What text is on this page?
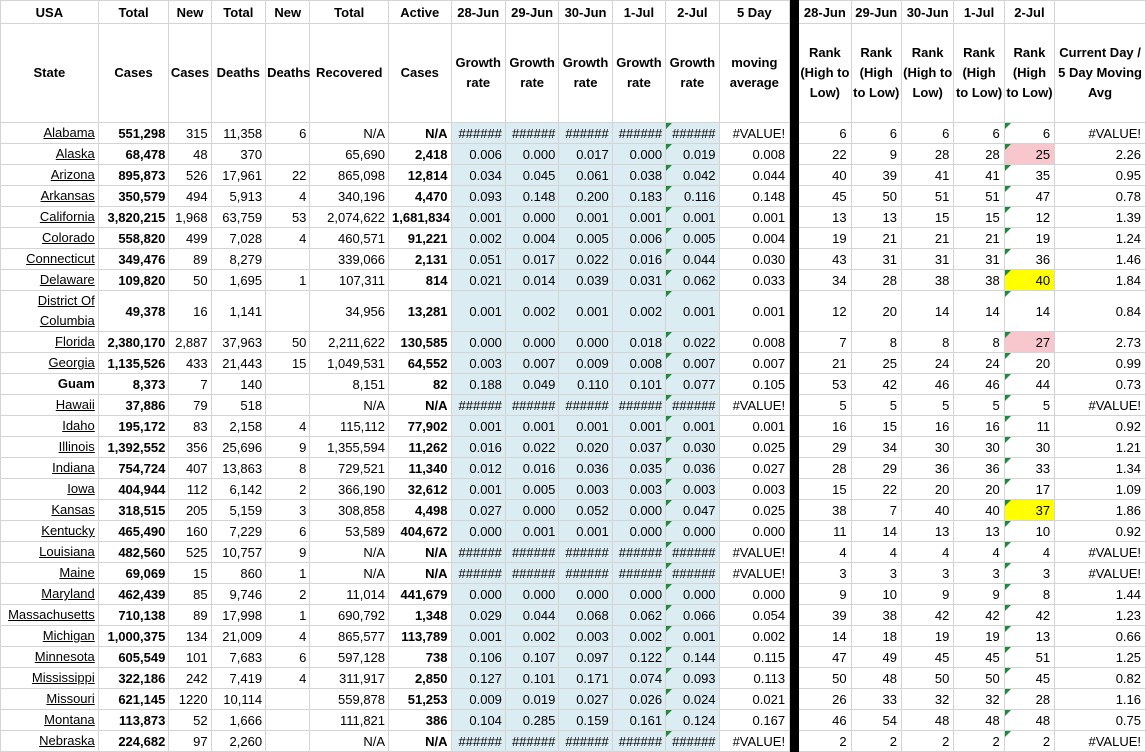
USA	Total	New	Total	New	Total	Active	28-Jun	29-Jun	30-Jun	1-Jul	2-Jul	5 Day		28-Jun	29-Jun	30-Jun	1-Jul	2-Jul	
State	Cases	Cases	Deaths	Deaths	Recovered	Cases	Growth rate	Growth rate	Growth rate	Growth rate	Growth rate	moving average		Rank (High to Low)	Rank (High to Low)	Rank (High to Low)	Rank (High to Low)	Rank (High to Low)	Current Day / 5 Day Moving Avg
Alabama	551,298	315	11,358	6	N/A	N/A	######	######	######	######	######	#VALUE!		6	6	6	6	6	#VALUE!
Alaska	68,478	48	370		65,690	2,418	0.006	0.000	0.017	0.000	0.019	0.008		22	9	28	28	25	2.26
Arizona	895,873	526	17,961	22	865,098	12,814	0.034	0.045	0.061	0.038	0.042	0.044		40	39	41	41	35	0.95
Arkansas	350,579	494	5,913	4	340,196	4,470	0.093	0.148	0.200	0.183	0.116	0.148		45	50	51	51	47	0.78
California	3,820,215	1,968	63,759	53	2,074,622	1,681,834	0.001	0.000	0.001	0.001	0.001	0.001		13	13	15	15	12	1.39
Colorado	558,820	499	7,028	4	460,571	91,221	0.002	0.004	0.005	0.006	0.005	0.004		19	21	21	21	19	1.24
Connecticut	349,476	89	8,279		339,066	2,131	0.051	0.017	0.022	0.016	0.044	0.030		43	31	31	31	36	1.46
Delaware	109,820	50	1,695	1	107,311	814	0.021	0.014	0.039	0.031	0.062	0.033		34	28	38	38	40	1.84
District Of Columbia	49,378	16	1,141		34,956	13,281	0.001	0.002	0.001	0.002	0.001	0.001		12	20	14	14	14	0.84
Florida	2,380,170	2,887	37,963	50	2,211,622	130,585	0.000	0.000	0.000	0.018	0.022	0.008		7	8	8	8	27	2.73
Georgia	1,135,526	433	21,443	15	1,049,531	64,552	0.003	0.007	0.009	0.008	0.007	0.007		21	25	24	24	20	0.99
Guam	8,373	7	140		8,151	82	0.188	0.049	0.110	0.101	0.077	0.105		53	42	46	46	44	0.73
Hawaii	37,886	79	518		N/A	N/A	######	######	######	######	######	#VALUE!		5	5	5	5	5	#VALUE!
Idaho	195,172	83	2,158	4	115,112	77,902	0.001	0.001	0.001	0.001	0.001	0.001		16	15	16	16	11	0.92
Illinois	1,392,552	356	25,696	9	1,355,594	11,262	0.016	0.022	0.020	0.037	0.030	0.025		29	34	30	30	30	1.21
Indiana	754,724	407	13,863	8	729,521	11,340	0.012	0.016	0.036	0.035	0.036	0.027		28	29	36	36	33	1.34
Iowa	404,944	112	6,142	2	366,190	32,612	0.001	0.005	0.003	0.003	0.003	0.003		15	22	20	20	17	1.09
Kansas	318,515	205	5,159	3	308,858	4,498	0.027	0.000	0.052	0.000	0.047	0.025		38	7	40	40	37	1.86
Kentucky	465,490	160	7,229	6	53,589	404,672	0.000	0.001	0.001	0.000	0.000	0.000		11	14	13	13	10	0.92
Louisiana	482,560	525	10,757	9	N/A	N/A	######	######	######	######	######	#VALUE!		4	4	4	4	4	#VALUE!
Maine	69,069	15	860	1	N/A	N/A	######	######	######	######	######	#VALUE!		3	3	3	3	3	#VALUE!
Maryland	462,439	85	9,746	2	11,014	441,679	0.000	0.000	0.000	0.000	0.000	0.000		9	10	9	9	8	1.44
Massachusetts	710,138	89	17,998	1	690,792	1,348	0.029	0.044	0.068	0.062	0.066	0.054		39	38	42	42	42	1.23
Michigan	1,000,375	134	21,009	4	865,577	113,789	0.001	0.002	0.003	0.002	0.001	0.002		14	18	19	19	13	0.66
Minnesota	605,549	101	7,683	6	597,128	738	0.106	0.107	0.097	0.122	0.144	0.115		47	49	45	45	51	1.25
Mississippi	322,186	242	7,419	4	311,917	2,850	0.127	0.101	0.171	0.074	0.093	0.113		50	48	50	50	45	0.82
Missouri	621,145	1220	10,114		559,878	51,253	0.009	0.019	0.027	0.026	0.024	0.021		26	33	32	32	28	1.16
Montana	113,873	52	1,666		111,821	386	0.104	0.285	0.159	0.161	0.124	0.167		46	54	48	48	48	0.75
Nebraska	224,682	97	2,260		N/A	N/A	######	######	######	######	######	#VALUE!		2	2	2	2	2	#VALUE!
